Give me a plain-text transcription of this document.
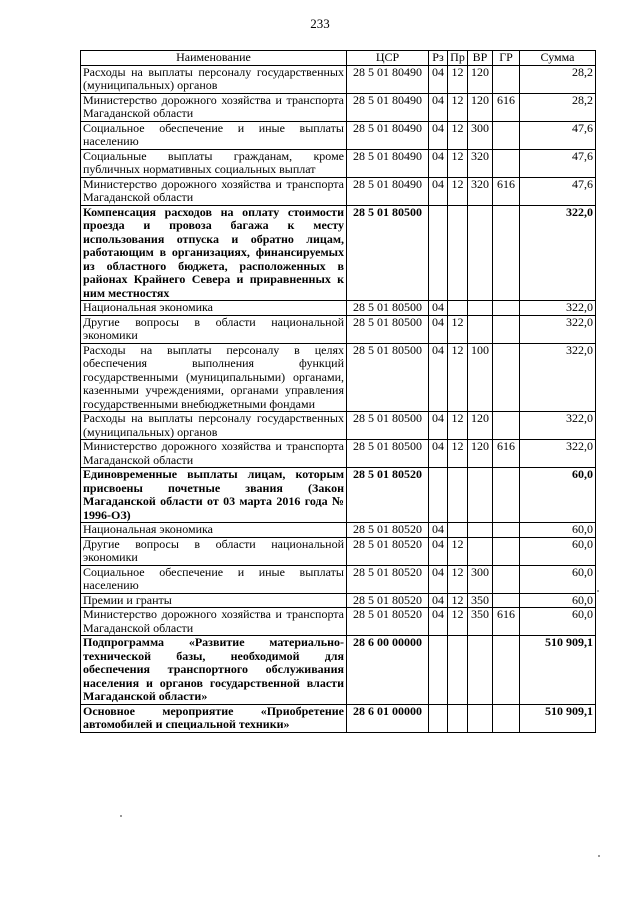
233
Наименование	ЦСР	Рз	Пр	ВР	ГР	Сумма
Расходы на выплаты персоналу государственных (муниципальных) органов	28 5 01 80490	04	12	120		28,2
Министерство дорожного хозяйства и транспорта Магаданской области	28 5 01 80490	04	12	120	616	28,2
Социальное обеспечение и иные выплаты населению	28 5 01 80490	04	12	300		47,6
Социальные выплаты гражданам, кроме публичных нормативных социальных выплат	28 5 01 80490	04	12	320		47,6
Министерство дорожного хозяйства и транспорта Магаданской области	28 5 01 80490	04	12	320	616	47,6
Компенсация расходов на оплату стоимости проезда и провоза багажа к месту использования отпуска и обратно лицам, работающим в организациях, финансируемых из областного бюджета, расположенных в районах Крайнего Севера и приравненных к ним местностях	28 5 01 80500					322,0
Национальная экономика	28 5 01 80500	04				322,0
Другие вопросы в области национальной экономики	28 5 01 80500	04	12			322,0
Расходы на выплаты персоналу в целях обеспечения выполнения функций государственными (муниципальными) органами, казенными учреждениями, органами управления государственными внебюджетными фондами	28 5 01 80500	04	12	100		322,0
Расходы на выплаты персоналу государственных (муниципальных) органов	28 5 01 80500	04	12	120		322,0
Министерство дорожного хозяйства и транспорта Магаданской области	28 5 01 80500	04	12	120	616	322,0
Единовременные выплаты лицам, которым присвоены почетные звания (Закон Магаданской области от 03 марта 2016 года № 1996-ОЗ)	28 5 01 80520					60,0
Национальная экономика	28 5 01 80520	04				60,0
Другие вопросы в области национальной экономики	28 5 01 80520	04	12			60,0
Социальное обеспечение и иные выплаты населению	28 5 01 80520	04	12	300		60,0
Премии и гранты	28 5 01 80520	04	12	350		60,0
Министерство дорожного хозяйства и транспорта Магаданской области	28 5 01 80520	04	12	350	616	60,0
Подпрограмма «Развитие материально-технической базы, необходимой для обеспечения транспортного обслуживания населения и органов государственной власти Магаданской области»	28 6 00 00000					510 909,1
Основное мероприятие «Приобретение автомобилей и специальной техники»	28 6 01 00000					510 909,1
